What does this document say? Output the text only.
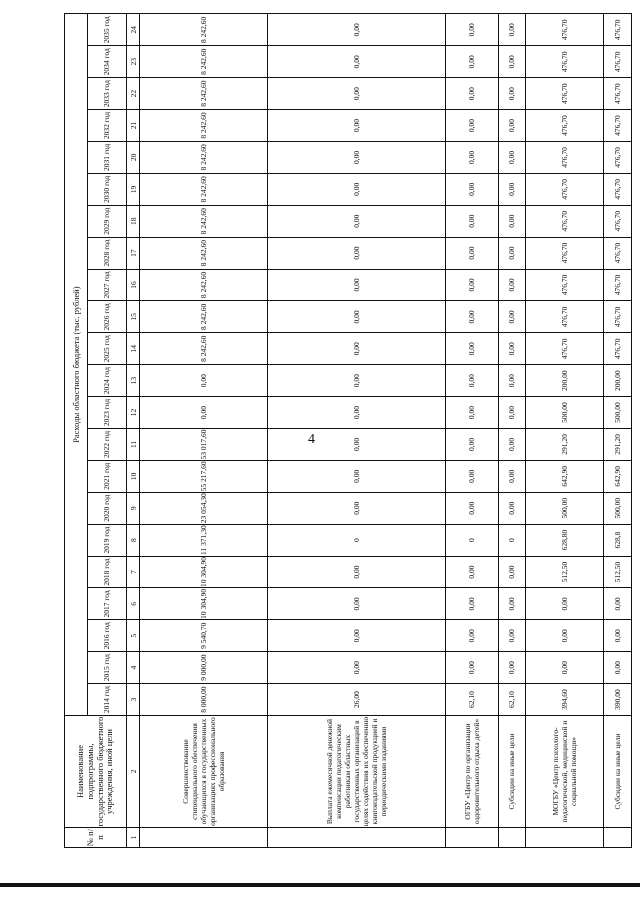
4
№ п/п	Наименование подпрограммы, государственного бюджетного учреждения, иной цели	Расходы областного бюджета (тыс. рублей)																					
		2014 год	2015 год	2016 год	2017 год	2018 год	2019 год	2020 год	2021 год	2022 год	2023 год	2024 год	2025 год	2026 год	2027 год	2028 год	2029 год	2030 год	2031 год	2032 год	2033 год	2034 год	2035 год
1	2	3	4	5	6	7	8	9	10	11	12	13	14	15	16	17	18	19	20	21	22	23	24
	Совершенствование стипендиального обеспечения обучающихся в государственных организациях профессионального образования	8 000,00	9 000,00	9 540,70	10 304,90	10 304,90	11 371,30	23 054,30	55 217,60	53 017,60	0,00	0,00	8 242,60	8 242,60	8 242,60	8 242,60	8 242,60	8 242,60	8 242,60	8 242,60	8 242,60	8 242,60	8 242,60
	Выплата ежемесячной денежной компенсации педагогическим работникам областных государственных организаций в целях содействия их обеспечению книгоиздательской продукцией и периодическими изданиями	26,00	0,00	0,00	0,00	0,00	0	0,00	0,00	0,00	0,00	0,00	0,00	0,00	0,00	0,00	0,00	0,00	0,00	0,00	0,00	0,00	0,00
	ОГБУ «Центр по организации оздоровительного отдыха детей»	62,10	0,00	0,00	0,00	0,00	0	0,00	0,00	0,00	0,00	0,00	0,00	0,00	0,00	0,00	0,00	0,00	0,00	0,00	0,00	0,00	0,00
	Субсидии на иные цели	62,10	0,00	0,00	0,00	0,00	0	0,00	0,00	0,00	0,00	0,00	0,00	0,00	0,00	0,00	0,00	0,00	0,00	0,00	0,00	0,00	0,00
	МОГБУ «Центр психолого-педагогической, медицинской и социальной помощи»	394,60	0,00	0,00	0,00	512,50	628,80	500,00	642,90	291,20	500,00	200,00	476,70	476,70	476,70	476,70	476,70	476,70	476,70	476,70	476,70	476,70	476,70
	Субсидии на иные цели	390,00	0,00	0,00	0,00	512,50	628,8	500,00	642,90	291,20	500,00	200,00	476,70	476,70	476,70	476,70	476,70	476,70	476,70	476,70	476,70	476,70	476,70
